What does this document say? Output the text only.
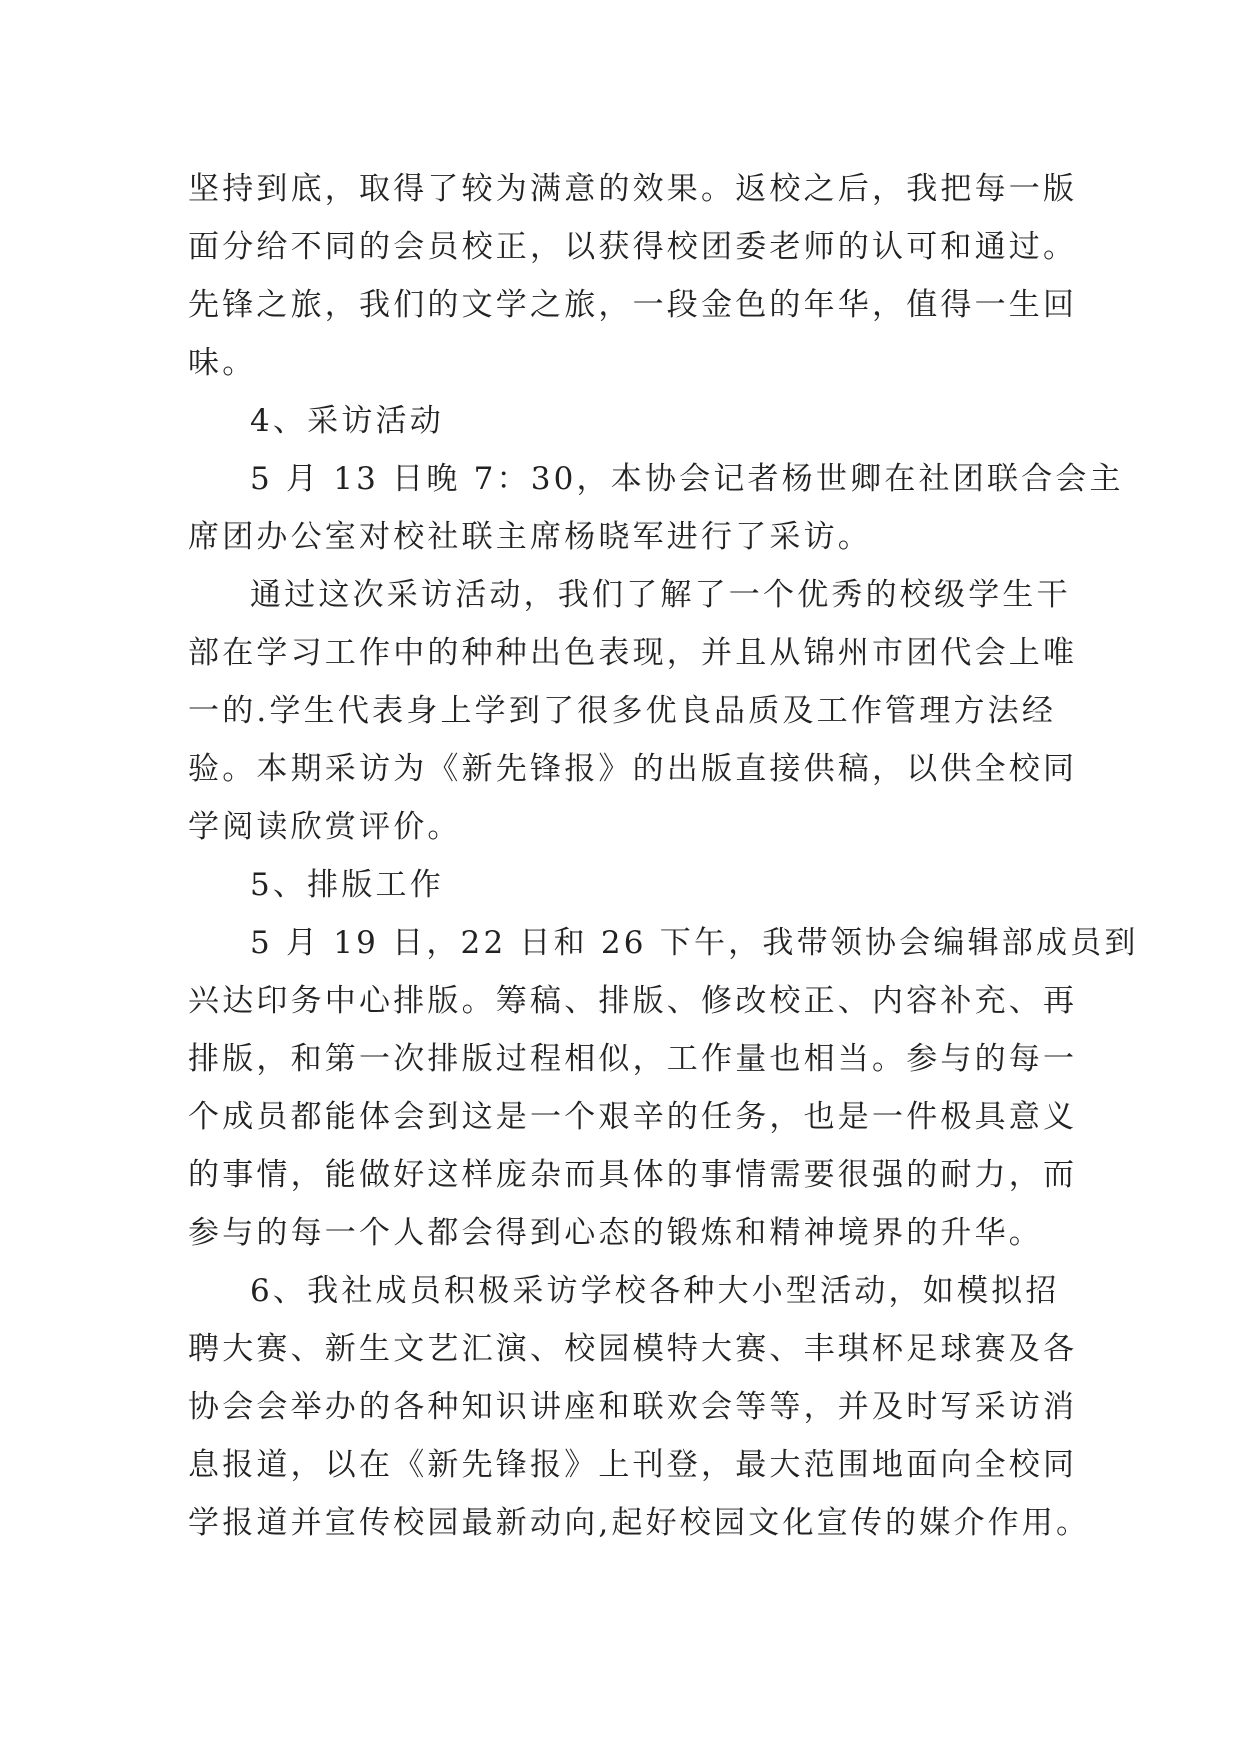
坚持到底，取得了较为满意的效果。返校之后，我把每一版
面分给不同的会员校正，以获得校团委老师的认可和通过。
先锋之旅，我们的文学之旅，一段金色的年华，值得一生回
味。
4、采访活动
5 月 13 日晚 7：30，本协会记者杨世卿在社团联合会主
席团办公室对校社联主席杨晓军进行了采访。
通过这次采访活动，我们了解了一个优秀的校级学生干
部在学习工作中的种种出色表现，并且从锦州市团代会上唯
一的.学生代表身上学到了很多优良品质及工作管理方法经
验。本期采访为《新先锋报》的出版直接供稿，以供全校同
学阅读欣赏评价。
5、排版工作
5 月 19 日，22 日和 26 下午，我带领协会编辑部成员到
兴达印务中心排版。筹稿、排版、修改校正、内容补充、再
排版，和第一次排版过程相似，工作量也相当。参与的每一
个成员都能体会到这是一个艰辛的任务，也是一件极具意义
的事情，能做好这样庞杂而具体的事情需要很强的耐力，而
参与的每一个人都会得到心态的锻炼和精神境界的升华。
6、我社成员积极采访学校各种大小型活动，如模拟招
聘大赛、新生文艺汇演、校园模特大赛、丰琪杯足球赛及各
协会会举办的各种知识讲座和联欢会等等，并及时写采访消
息报道，以在《新先锋报》上刊登，最大范围地面向全校同
学报道并宣传校园最新动向,起好校园文化宣传的媒介作用。
